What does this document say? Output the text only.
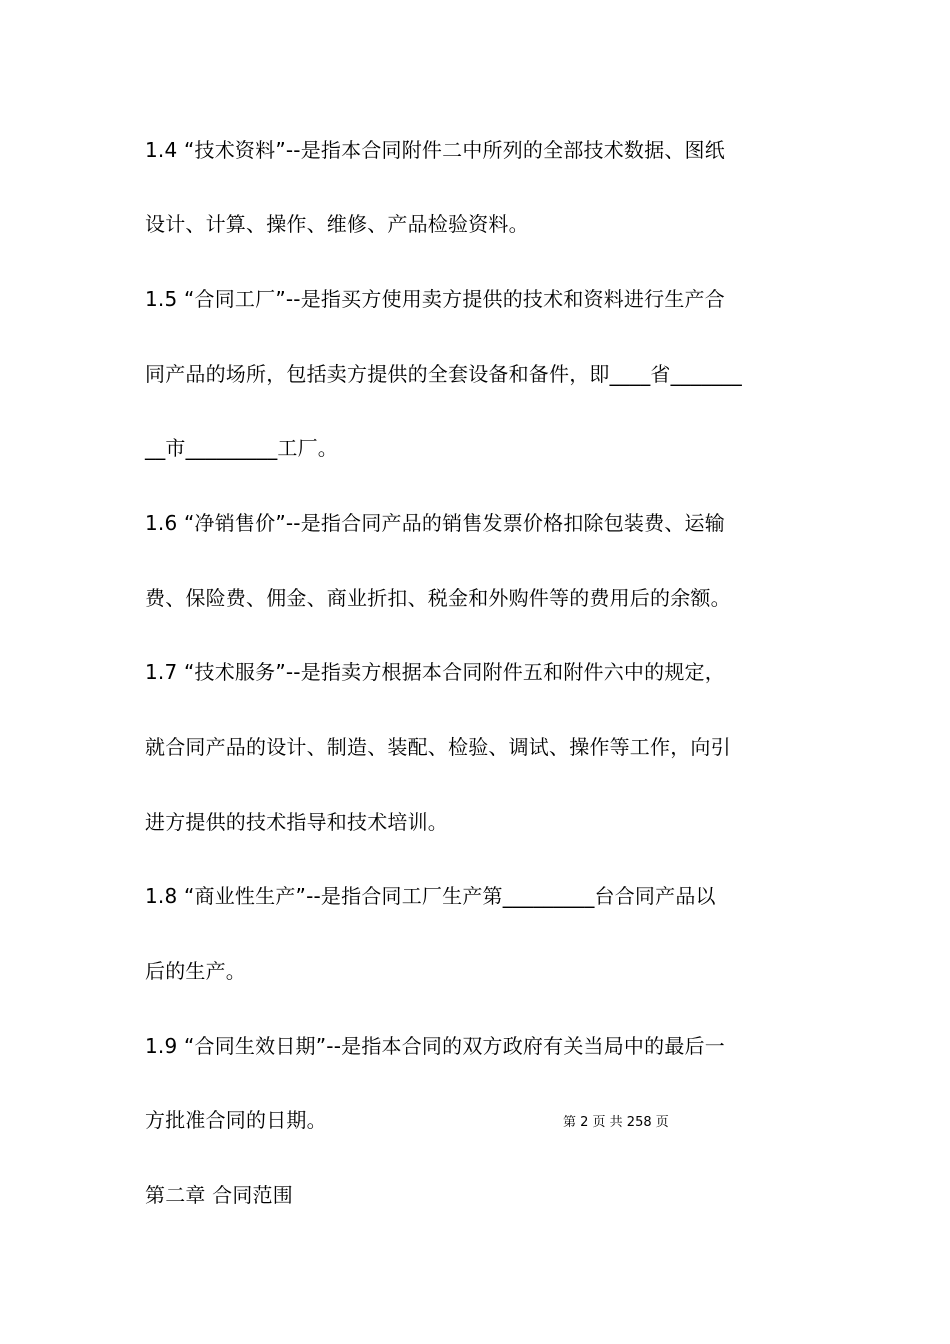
1.4 “技术资料”--是指本合同附件二中所列的全部技术数据、图纸
设计、计算、操作、维修、产品检验资料。
1.5 “合同工厂”--是指买方使用卖方提供的技术和资料进行生产合
同产品的场所，包括卖方提供的全套设备和备件，即____省_______
__市_________工厂。
1.6 “净销售价”--是指合同产品的销售发票价格扣除包装费、运输
费、保险费、佣金、商业折扣、税金和外购件等的费用后的余额。
1.7 “技术服务”--是指卖方根据本合同附件五和附件六中的规定，
就合同产品的设计、制造、装配、检验、调试、操作等工作，向引
进方提供的技术指导和技术培训。
1.8 “商业性生产”--是指合同工厂生产第_________台合同产品以
后的生产。
1.9 “合同生效日期”--是指本合同的双方政府有关当局中的最后一
方批准合同的日期。	第 2 页 共 258 页
第二章 合同范围
